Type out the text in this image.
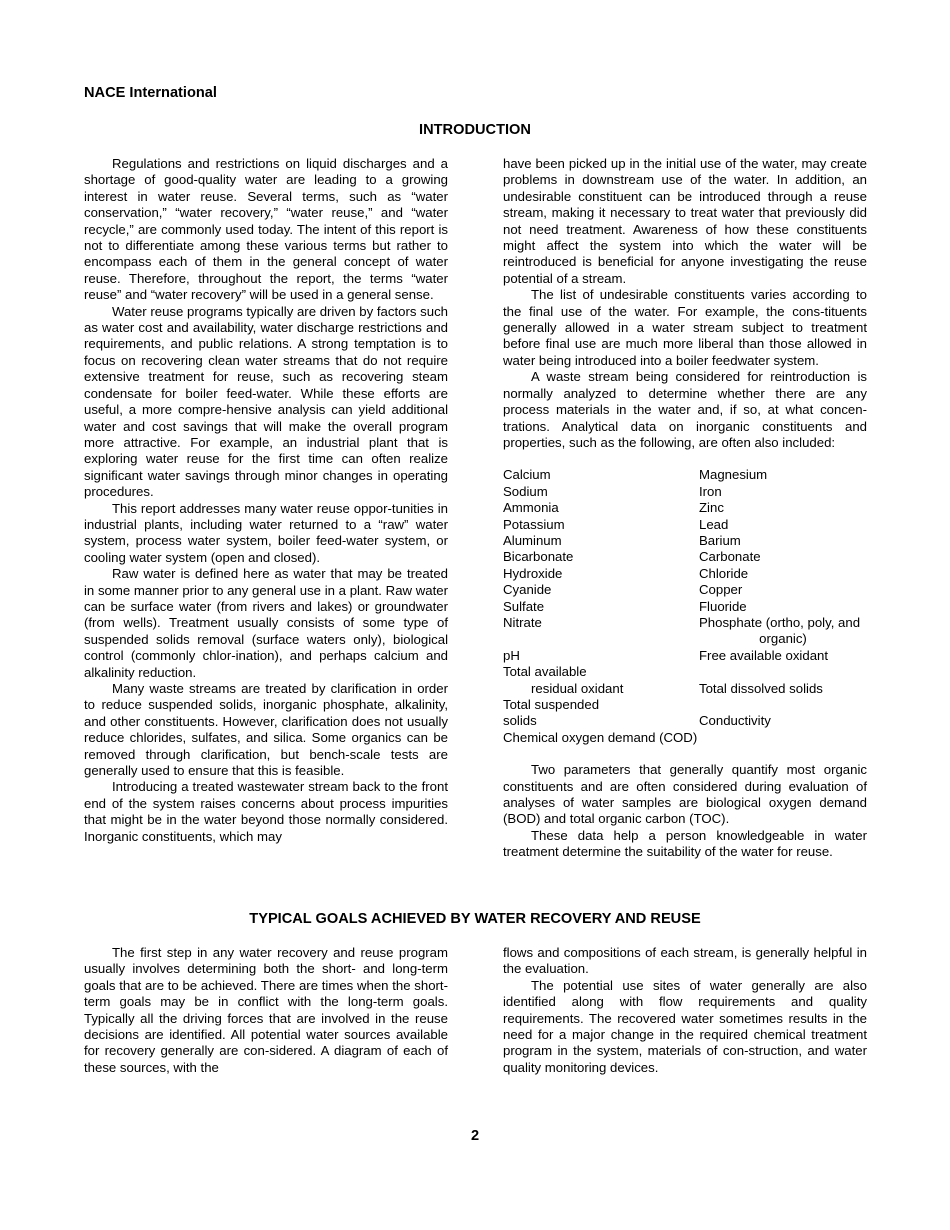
NACE International
INTRODUCTION

Regulations and restrictions on liquid discharges and a shortage of good-quality water are leading to a growing interest in water reuse. Several terms, such as “water conservation,” “water recovery,” “water reuse,” and “water recycle,” are commonly used today. The intent of this report is not to differentiate among these various terms but rather to encompass each of them in the general concept of water reuse. Therefore, throughout the report, the terms “water reuse” and “water recovery” will be used in a general sense.

Water reuse programs typically are driven by factors such as water cost and availability, water discharge restrictions and requirements, and public relations. A strong temptation is to focus on recovering clean water streams that do not require extensive treatment for reuse, such as recovering steam condensate for boiler feed-water. While these efforts are useful, a more compre-hensive analysis can yield additional water and cost savings that will make the overall program more attractive. For example, an industrial plant that is exploring water reuse for the first time can often realize significant water savings through minor changes in operating procedures.

This report addresses many water reuse oppor-tunities in industrial plants, including water returned to a “raw” water system, process water system, boiler feed-water system, or cooling water system (open and closed).

Raw water is defined here as water that may be treated in some manner prior to any general use in a plant. Raw water can be surface water (from rivers and lakes) or groundwater (from wells). Treatment usually consists of some type of suspended solids removal (surface waters only), biological control (commonly chlor-ination), and perhaps calcium and alkalinity reduction.

Many waste streams are treated by clarification in order to reduce suspended solids, inorganic phosphate, alkalinity, and other constituents. However, clarification does not usually reduce chlorides, sulfates, and silica. Some organics can be removed through clarification, but bench-scale tests are generally used to ensure that this is feasible.

Introducing a treated wastewater stream back to the front end of the system raises concerns about process impurities that might be in the water beyond those normally considered. Inorganic constituents, which may

have been picked up in the initial use of the water, may create problems in downstream use of the water. In addition, an undesirable constituent can be introduced through a reuse stream, making it necessary to treat water that previously did not need treatment. Awareness of how these constituents might affect the system into which the water will be reintroduced is beneficial for anyone investigating the reuse potential of a stream.

The list of undesirable constituents varies according to the final use of the water. For example, the cons-tituents generally allowed in a water stream subject to treatment before final use are much more liberal than those allowed in water being introduced into a boiler feedwater system.

A waste stream being considered for reintroduction is normally analyzed to determine whether there are any process materials in the water and, if so, at what concen-trations. Analytical data on inorganic constituents and properties, such as the following, are often also included:

Calcium	Magnesium
Sodium	Iron
Ammonia	Zinc
Potassium	Lead
Aluminum	Barium
Bicarbonate	Carbonate
Hydroxide	Chloride
Cyanide	Copper
Sulfate	Fluoride
Nitrate	Phosphate (ortho, poly, and
organic)

pH	Free available oxidant
Total available	
residual oxidant	Total dissolved solids
Total suspended	
solids	Conductivity
Chemical oxygen demand (COD)	

Two parameters that generally quantify most organic constituents and are often considered during evaluation of analyses of water samples are biological oxygen demand (BOD) and total organic carbon (TOC).

These data help a person knowledgeable in water treatment determine the suitability of the water for reuse.

TYPICAL GOALS ACHIEVED BY WATER RECOVERY AND REUSE

The first step in any water recovery and reuse program usually involves determining both the short- and long-term goals that are to be achieved. There are times when the short-term goals may be in conflict with the long-term goals. Typically all the driving forces that are involved in the reuse decisions are identified. All potential water sources available for recovery generally are con-sidered. A diagram of each of these sources, with the

flows and compositions of each stream, is generally helpful in the evaluation.

The potential use sites of water generally are also identified along with flow requirements and quality requirements. The recovered water sometimes results in the need for a major change in the required chemical treatment program in the system, materials of con-struction, and water quality monitoring devices.

2
